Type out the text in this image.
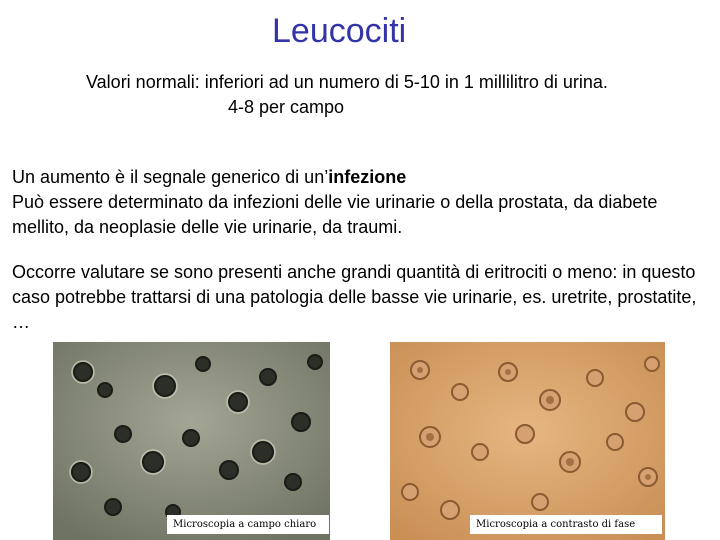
Leucociti
Valori normali: inferiori ad un numero di 5-10 in 1 millilitro di urina.
4-8 per campo

Un aumento è il segnale generico di un’infezione
Può essere determinato da infezioni delle vie urinarie o della prostata, da diabete mellito, da neoplasie delle vie urinarie, da traumi.

Occorre valutare se sono presenti anche grandi quantità di eritrociti o meno: in questo caso potrebbe trattarsi di una patologia delle basse vie urinarie, es. uretrite, prostatite, …

Microscopia a campo chiaro	Microscopia a contrasto di fase
